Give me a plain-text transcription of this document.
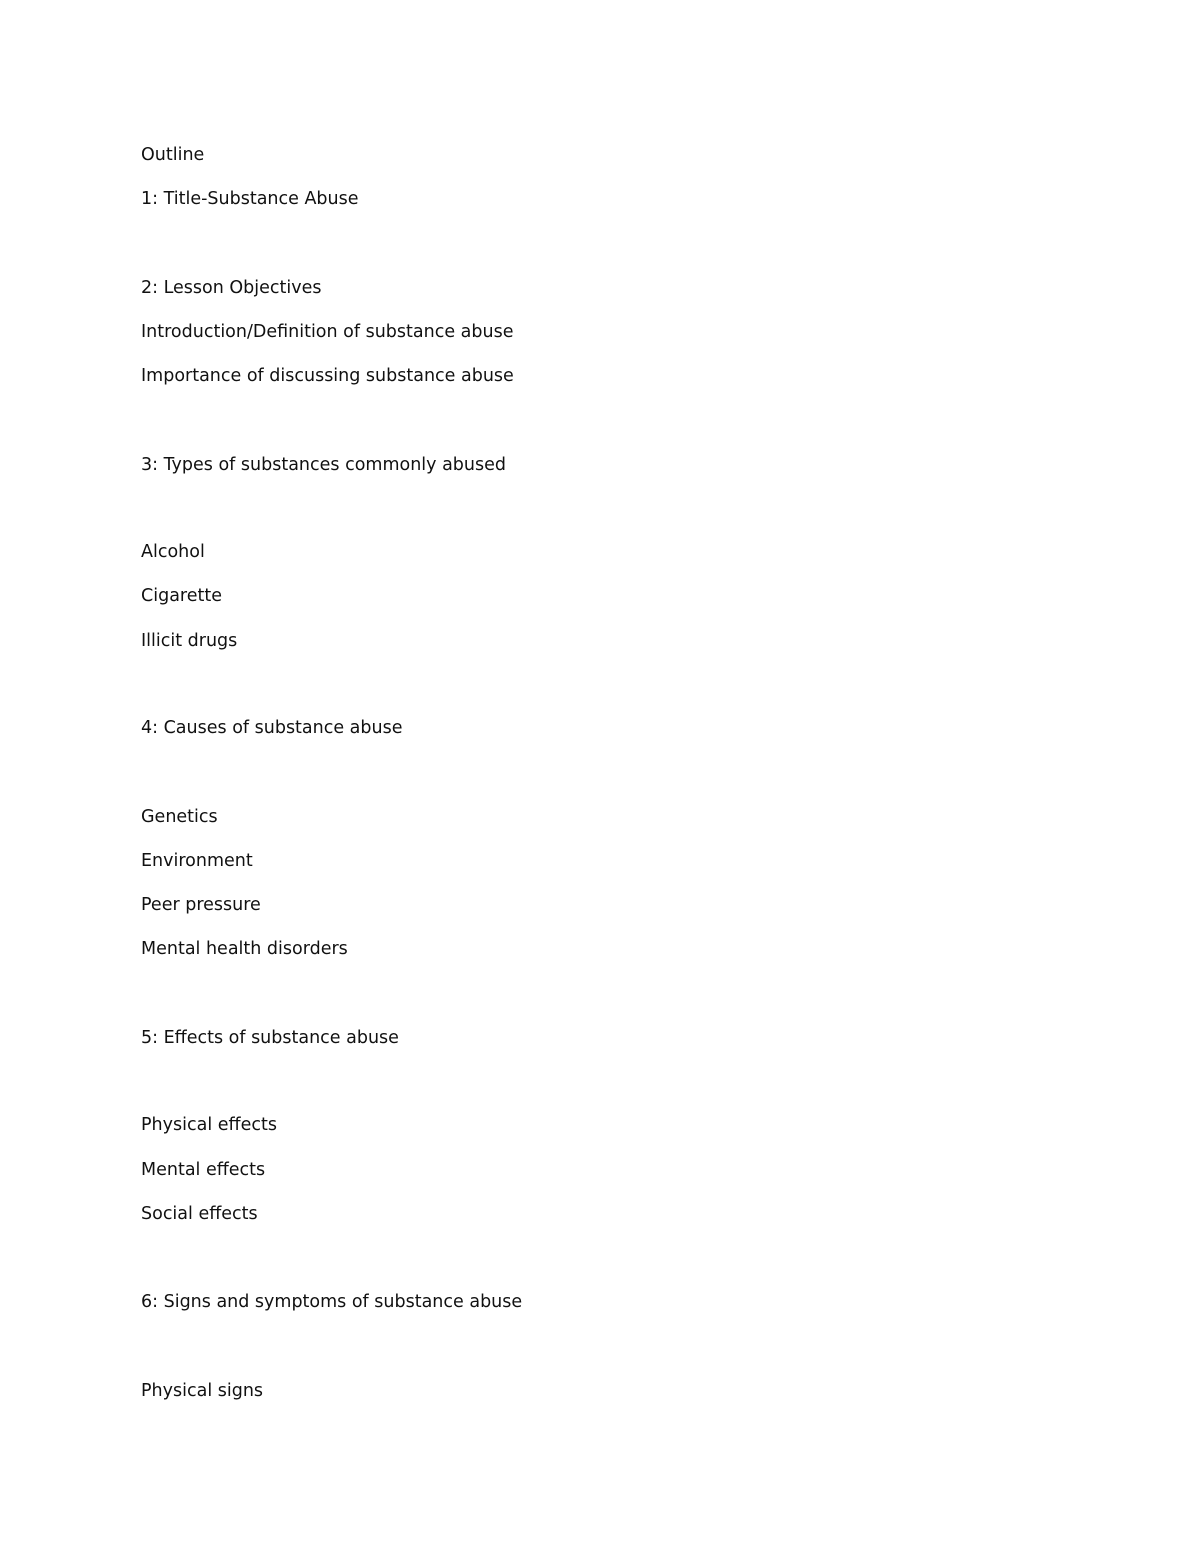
Outline
1: Title-Substance Abuse
2: Lesson Objectives
Introduction/Definition of substance abuse
Importance of discussing substance abuse
3: Types of substances commonly abused
Alcohol
Cigarette
Illicit drugs
4: Causes of substance abuse
Genetics
Environment
Peer pressure
Mental health disorders
5: Effects of substance abuse
Physical effects
Mental effects
Social effects
6: Signs and symptoms of substance abuse
Physical signs
